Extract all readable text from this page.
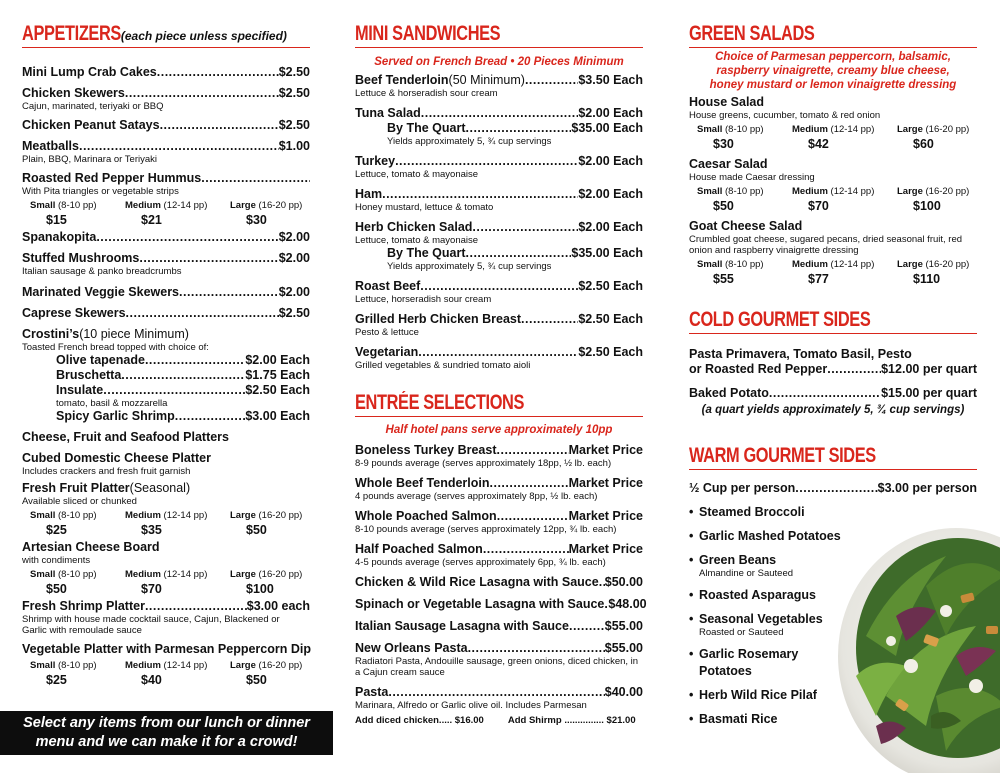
APPETIZERS (each piece unless specified)
Mini Lump Crab Cakes .....	$2.50
Chicken Skewers .....	$2.50
Cajun, marinated, teriyaki or BBQ
Chicken Peanut Satays .....	$2.50
Meatballs .....	$1.00
Plain, BBQ, Marinara or Teriyaki
Roasted Red Pepper Hummus
.....
With Pita triangles or vegetable strips
Small (8-10 pp)	Medium (12-14 pp)	Large (16-20 pp)
$15	$21	$30
Spanakopita .....	$2.00
Stuffed Mushrooms .....	$2.00
Italian sausage & panko breadcrumbs
Marinated Veggie Skewers .....	$2.00
Caprese Skewers .....	$2.50
Crostini’s (10 piece Minimum)
Toasted French bread topped with choice of:
Olive tapenade .....	$2.00 Each
Bruschetta .....	$1.75 Each
Insulate .....	$2.50 Each
tomato, basil & mozzarella
Spicy Garlic Shrimp .....	$3.00 Each
Cheese, Fruit and Seafood Platters
Cubed Domestic Cheese Platter
Includes crackers and fresh fruit garnish
Fresh Fruit Platter (Seasonal)
Available sliced or chunked
Small (8-10 pp)	Medium (12-14 pp)	Large (16-20 pp)
$25	$35	$50
Artesian Cheese Board
with condiments
Small (8-10 pp)	Medium (12-14 pp)	Large (16-20 pp)
$50	$70	$100
Fresh Shrimp Platter .....	$3.00 each
Shrimp with house made cocktail sauce, Cajun, Blackened or Garlic with remoulade sauce
Vegetable Platter with Parmesan Peppercorn Dip
Small (8-10 pp)	Medium (12-14 pp)	Large (16-20 pp)
$25	$40	$50
Select any items from our lunch or dinner
menu and we can make it for a crowd!
MINI SANDWICHES
Served on French Bread • 20 Pieces Minimum
Beef Tenderloin (50 Minimum) .....	$3.50 Each
Lettuce & horseradish sour cream
Tuna Salad .....	$2.00 Each
By The Quart .....	$35.00 Each
Yields approximately 5, ¾ cup servings
Turkey .....	$2.00 Each
Lettuce, tomato & mayonaise
Ham .....	$2.00 Each
Honey mustard, lettuce & tomato
Herb Chicken Salad .....	$2.00 Each
Lettuce, tomato & mayonaise
By The Quart .....	$35.00 Each
Yields approximately 5, ¾ cup servings
Roast Beef .....	$2.50 Each
Lettuce, horseradish sour cream
Grilled Herb Chicken Breast .....	$2.50 Each
Pesto & lettuce
Vegetarian .....	$2.50 Each
Grilled vegetables & sundried tomato aioli
ENTRÉE SELECTIONS
Half hotel pans serve approximately 10pp
Boneless Turkey Breast .....	Market Price
8-9 pounds average (serves approximately 18pp, ½ lb. each)
Whole Beef Tenderloin .....	Market Price
4 pounds average (serves approximately 8pp, ½ lb. each)
Whole Poached Salmon .....	Market Price
8-10 pounds average (serves approximately 12pp, ¾ lb. each)
Half Poached Salmon .....	Market Price
4-5 pounds average (serves approximately 6pp, ¾ lb. each)
Chicken & Wild Rice Lasagna with Sauce ..... $50.00
Spinach or Vegetable Lasagna with Sauce ..... $48.00
Italian Sausage Lasagna with Sauce .....	$55.00
New Orleans Pasta .....	$55.00
Radiatori Pasta, Andouille sausage, green onions, diced chicken, in a Cajun cream sauce
Pasta .....	$40.00
Marinara, Alfredo or Garlic olive oil. Includes Parmesan
Add diced chicken..... $16.00	Add Shirmp ............... $21.00
GREEN SALADS
Choice of Parmesan peppercorn, balsamic, raspberry vinaigrette, creamy blue cheese, honey mustard or lemon vinaigrette dressing
House Salad
House greens, cucumber, tomato & red onion
Small (8-10 pp)	Medium (12-14 pp)	Large (16-20 pp)
$30	$42	$60
Caesar Salad
House made Caesar dressing
Small (8-10 pp)	Medium (12-14 pp)	Large (16-20 pp)
$50	$70	$100
Goat Cheese Salad
Crumbled goat cheese, sugared pecans, dried seasonal fruit, red onion and raspberry vinaigrette dressing
Small (8-10 pp)	Medium (12-14 pp)	Large (16-20 pp)
$55	$77	$110
COLD GOURMET SIDES
Pasta Primavera, Tomato Basil, Pesto
or Roasted Red Pepper .....	$12.00 per quart
Baked Potato .....	$15.00 per quart
(a quart yields approximately 5, ¾ cup servings)
WARM GOURMET SIDES
½ Cup per person .....	$3.00 per person
• Steamed Broccoli
• Garlic Mashed Potatoes
• Green Beans
Almandine or Sauteed
• Roasted Asparagus
• Seasonal Vegetables
Roasted or Sauteed
• Garlic Rosemary
Potatoes
• Herb Wild Rice Pilaf
• Basmati Rice
